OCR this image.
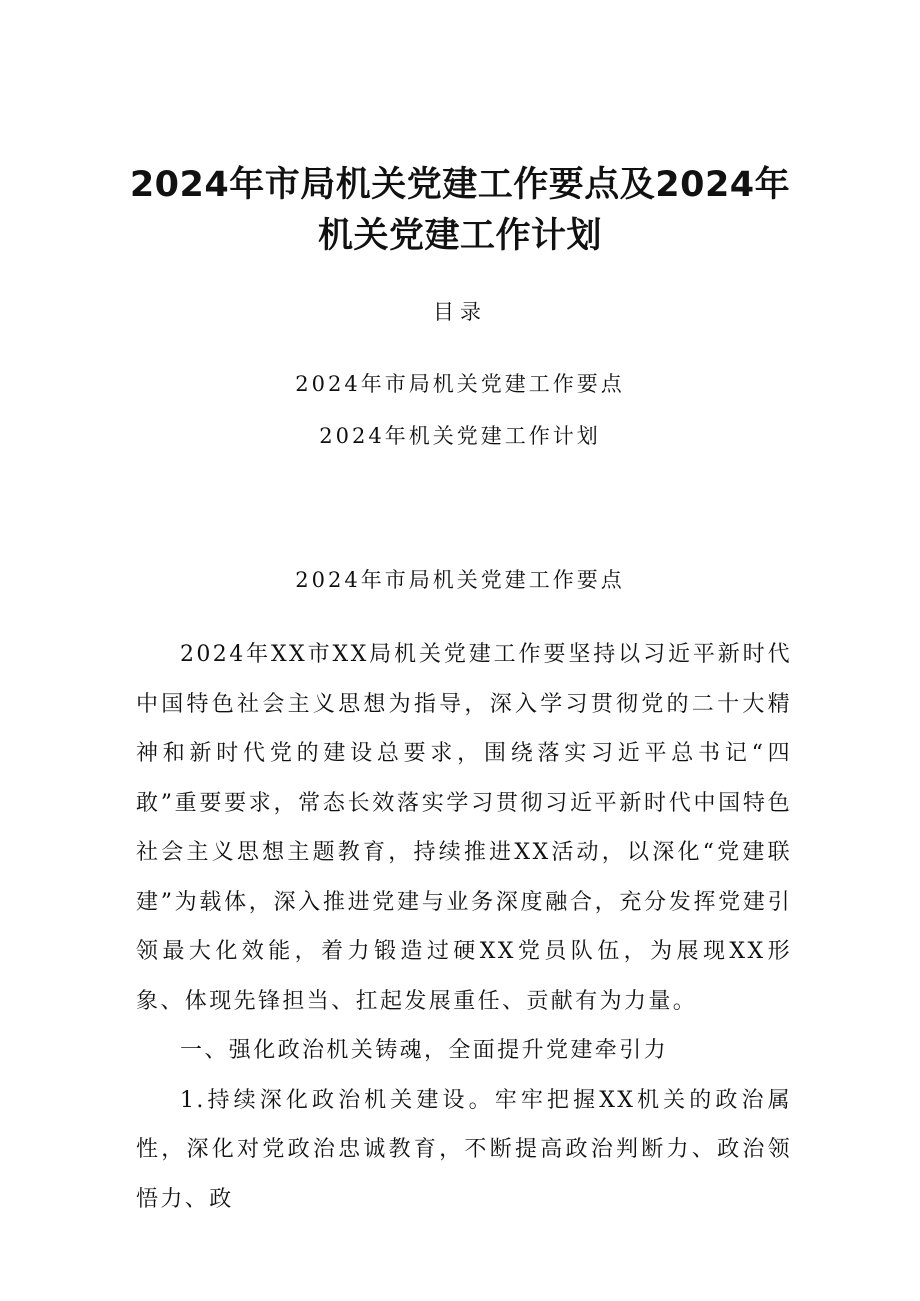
2024年市局机关党建工作要点及2024年机关党建工作计划
目录
2024年市局机关党建工作要点
2024年机关党建工作计划
2024年市局机关党建工作要点

2024年XX市XX局机关党建工作要坚持以习近平新时代中国特色社会主义思想为指导，深入学习贯彻党的二十大精神和新时代党的建设总要求，围绕落实习近平总书记“四敢”重要要求，常态长效落实学习贯彻习近平新时代中国特色社会主义思想主题教育，持续推进XX活动，以深化“党建联建”为载体，深入推进党建与业务深度融合，充分发挥党建引领最大化效能，着力锻造过硬XX党员队伍，为展现XX形象、体现先锋担当、扛起发展重任、贡献有为力量。

一、强化政治机关铸魂，全面提升党建牵引力

1.持续深化政治机关建设。牢牢把握XX机关的政治属性，深化对党政治忠诚教育，不断提高政治判断力、政治领悟力、政
